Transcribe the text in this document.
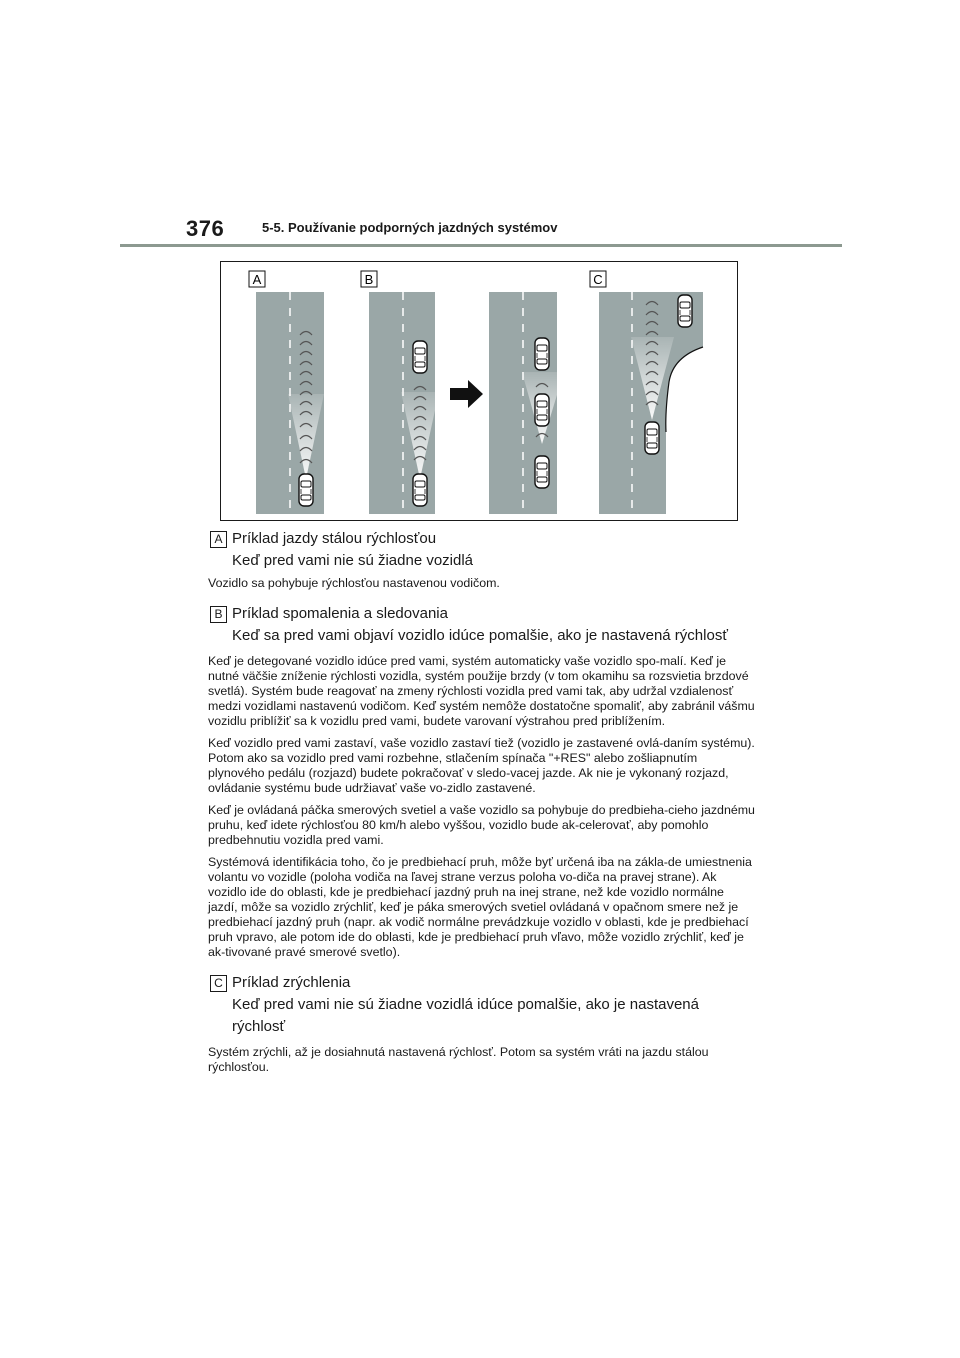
376	5-5. Používanie podporných jazdných systémov
A	B	C
A Príklad jazdy stálou rýchlosťou
Keď pred vami nie sú žiadne vozidlá
Vozidlo sa pohybuje rýchlosťou nastavenou vodičom.
B Príklad spomalenia a sledovania
Keď sa pred vami objaví vozidlo idúce pomalšie, ako je nastavená rýchlosť
Keď je detegované vozidlo idúce pred vami, systém automaticky vaše vozidlo spo-malí. Keď je nutné väčšie zníženie rýchlosti vozidla, systém použije brzdy (v tom okamihu sa rozsvietia brzdové svetlá). Systém bude reagovať na zmeny rýchlosti vozidla pred vami tak, aby udržal vzdialenosť medzi vozidlami nastavenú vodičom. Keď systém nemôže dostatočne spomaliť, aby zabránil vášmu vozidlu priblížiť sa k vozidlu pred vami, budete varovaní výstrahou pred priblížením.
Keď vozidlo pred vami zastaví, vaše vozidlo zastaví tiež (vozidlo je zastavené ovlá-daním systému). Potom ako sa vozidlo pred vami rozbehne, stlačením spínača "+RES" alebo zošliapnutím plynového pedálu (rozjazd) budete pokračovať v sledo-vacej jazde. Ak nie je vykonaný rozjazd, ovládanie systému bude udržiavať vaše vo-zidlo zastavené.
Keď je ovládaná páčka smerových svetiel a vaše vozidlo sa pohybuje do predbieha-cieho jazdnému pruhu, keď idete rýchlosťou 80 km/h alebo vyššou, vozidlo bude ak-celerovať, aby pomohlo predbehnutiu vozidla pred vami.
Systémová identifikácia toho, čo je predbiehací pruh, môže byť určená iba na zákla-de umiestnenia volantu vo vozidle (poloha vodiča na ľavej strane verzus poloha vo-diča na pravej strane). Ak vozidlo ide do oblasti, kde je predbiehací jazdný pruh na inej strane, než kde vozidlo normálne jazdí, môže sa vozidlo zrýchliť, keď je páka smerových svetiel ovládaná v opačnom smere než je predbiehací jazdný pruh (napr. ak vodič normálne prevádzkuje vozidlo v oblasti, kde je predbiehací pruh vpravo, ale potom ide do oblasti, kde je predbiehací pruh vľavo, môže vozidlo zrýchliť, keď je ak-tivované pravé smerové svetlo).
C Príklad zrýchlenia
Keď pred vami nie sú žiadne vozidlá idúce pomalšie, ako je nastavená rýchlosť
Systém zrýchli, až je dosiahnutá nastavená rýchlosť. Potom sa systém vráti na jazdu stálou rýchlosťou.
